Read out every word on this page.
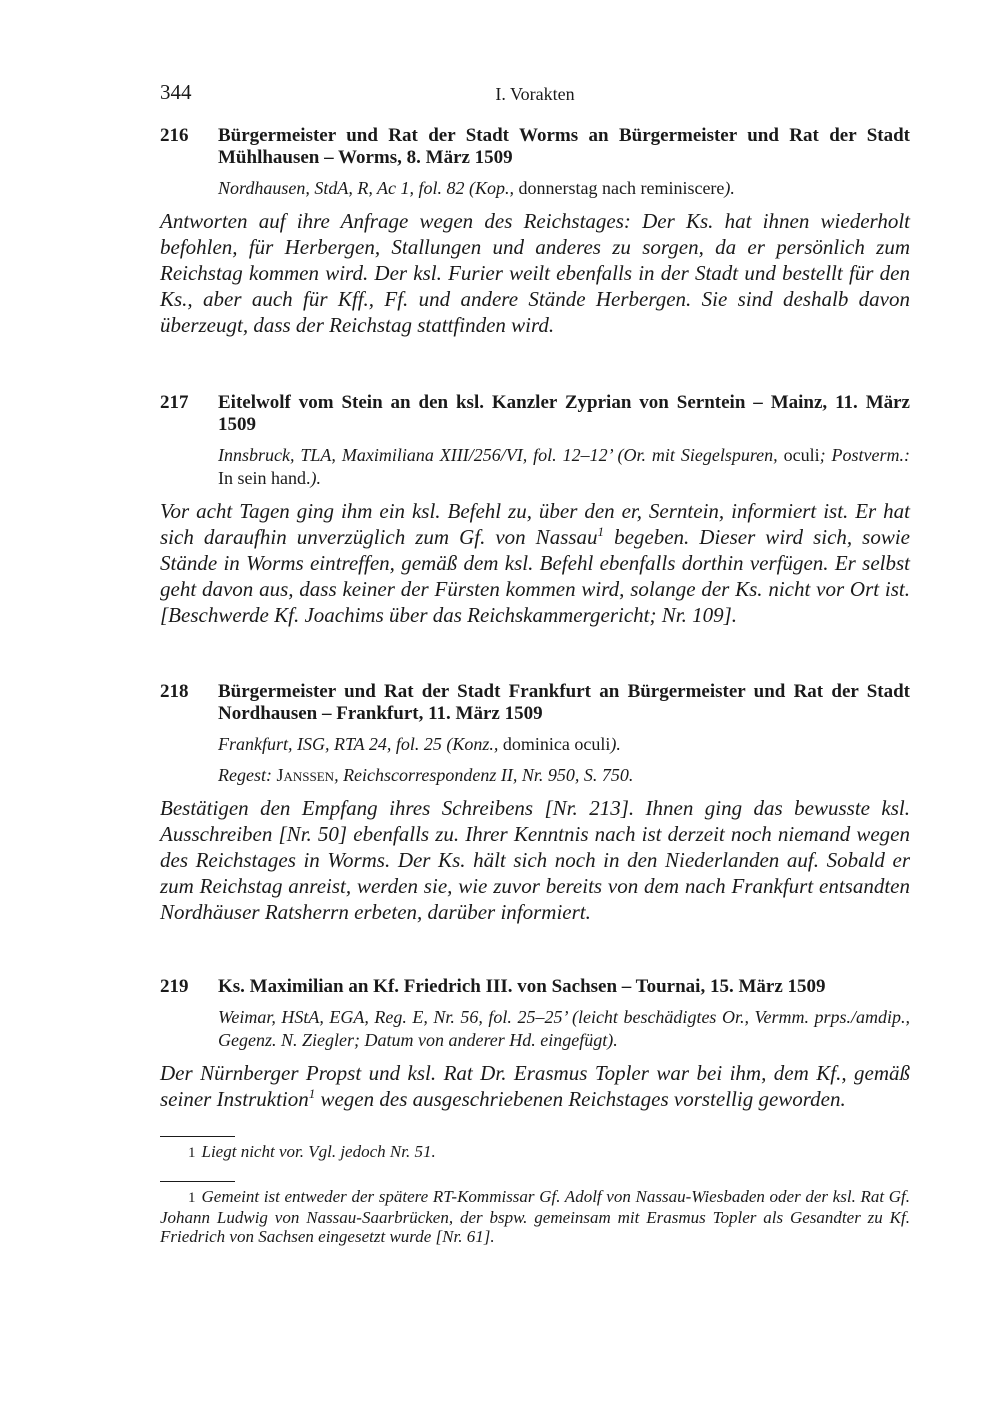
344	I. Vorakten
216 Bürgermeister und Rat der Stadt Worms an Bürgermeister und Rat der Stadt Mühlhausen – Worms, 8. März 1509
Nordhausen, StdA, R, Ac 1, fol. 82 (Kop., donnerstag nach reminiscere).
Antworten auf ihre Anfrage wegen des Reichstages: Der Ks. hat ihnen wiederholt befohlen, für Herbergen, Stallungen und anderes zu sorgen, da er persönlich zum Reichstag kommen wird. Der ksl. Furier weilt ebenfalls in der Stadt und bestellt für den Ks., aber auch für Kff., Ff. und andere Stände Herbergen. Sie sind deshalb davon überzeugt, dass der Reichstag stattfinden wird.
217 Eitelwolf vom Stein an den ksl. Kanzler Zyprian von Serntein – Mainz, 11. März 1509
Innsbruck, TLA, Maximiliana XIII/256/VI, fol. 12–12’ (Or. mit Siegelspuren, oculi; Postverm.: In sein hand.).
Vor acht Tagen ging ihm ein ksl. Befehl zu, über den er, Serntein, informiert ist. Er hat sich daraufhin unverzüglich zum Gf. von Nassau$^1$ begeben. Dieser wird sich, sowie Stände in Worms eintreffen, gemäß dem ksl. Befehl ebenfalls dorthin verfügen. Er selbst geht davon aus, dass keiner der Fürsten kommen wird, solange der Ks. nicht vor Ort ist. [Beschwerde Kf. Joachims über das Reichskammergericht; Nr. 109].
218 Bürgermeister und Rat der Stadt Frankfurt an Bürgermeister und Rat der Stadt Nordhausen – Frankfurt, 11. März 1509
Frankfurt, ISG, RTA 24, fol. 25 (Konz., dominica oculi).
Regest: Janssen, Reichscorrespondenz II, Nr. 950, S. 750.
Bestätigen den Empfang ihres Schreibens [Nr. 213]. Ihnen ging das bewusste ksl. Ausschreiben [Nr. 50] ebenfalls zu. Ihrer Kenntnis nach ist derzeit noch niemand wegen des Reichstages in Worms. Der Ks. hält sich noch in den Niederlanden auf. Sobald er zum Reichstag anreist, werden sie, wie zuvor bereits von dem nach Frankfurt entsandten Nordhäuser Ratsherrn erbeten, darüber informiert.
219 Ks. Maximilian an Kf. Friedrich III. von Sachsen – Tournai, 15. März 1509
Weimar, HStA, EGA, Reg. E, Nr. 56, fol. 25–25’ (leicht beschädigtes Or., Vermm. prps./amdip., Gegenz. N. Ziegler; Datum von anderer Hd. eingefügt).
Der Nürnberger Propst und ksl. Rat Dr. Erasmus Topler war bei ihm, dem Kf., gemäß seiner Instruktion$^1$ wegen des ausgeschriebenen Reichstages vorstellig geworden.
1 Liegt nicht vor. Vgl. jedoch Nr. 51.
1 Gemeint ist entweder der spätere RT-Kommissar Gf. Adolf von Nassau-Wiesbaden oder der ksl. Rat Gf. Johann Ludwig von Nassau-Saarbrücken, der bspw. gemeinsam mit Erasmus Topler als Gesandter zu Kf. Friedrich von Sachsen eingesetzt wurde [Nr. 61].
